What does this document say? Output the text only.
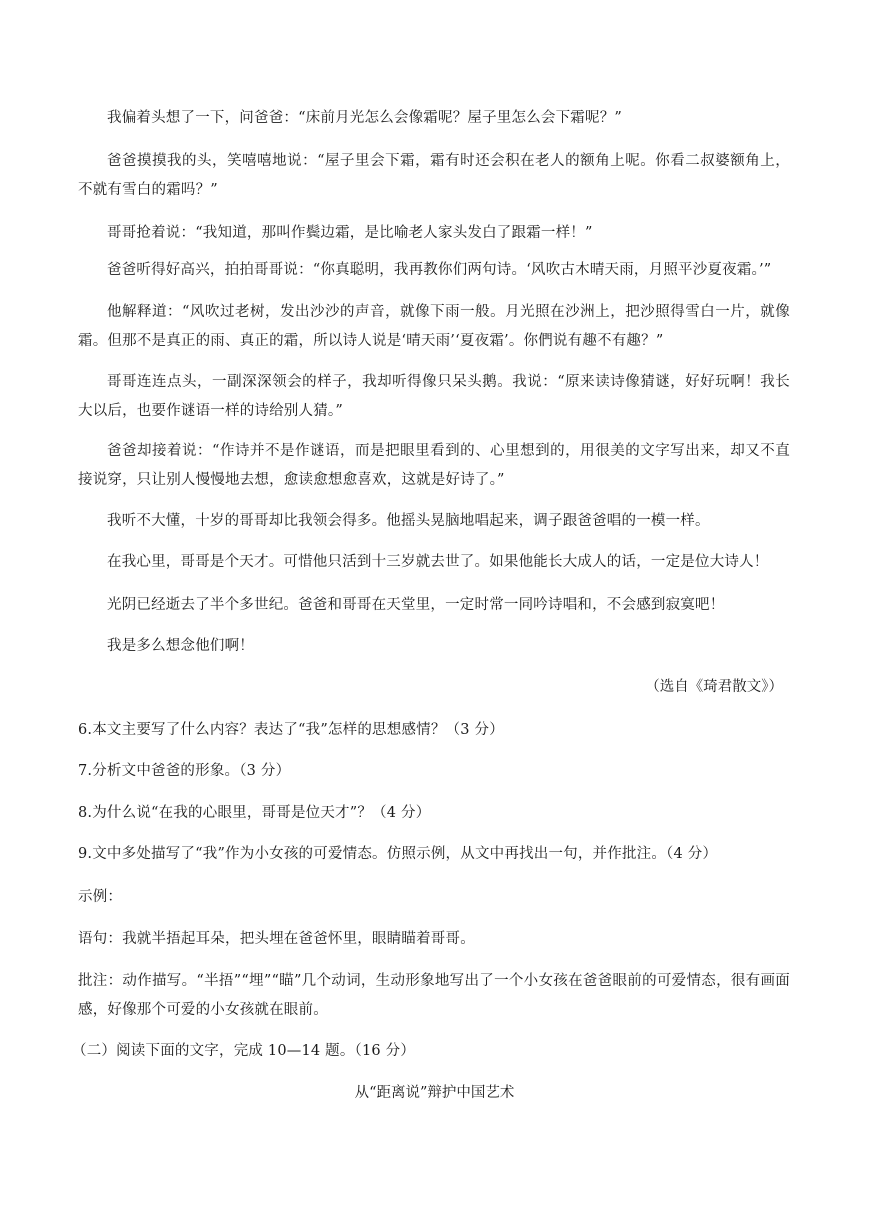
我偏着头想了一下，问爸爸：“床前月光怎么会像霜呢？屋子里怎么会下霜呢？”

爸爸摸摸我的头，笑嘻嘻地说：“屋子里会下霜，霜有时还会积在老人的额角上呢。你看二叔婆额角上，不就有雪白的霜吗？”

哥哥抢着说：“我知道，那叫作鬓边霜，是比喻老人家头发白了跟霜一样！”

爸爸听得好高兴，拍拍哥哥说：“你真聪明，我再教你们两句诗。‘风吹古木晴天雨，月照平沙夏夜霜。’”

他解释道：“风吹过老树，发出沙沙的声音，就像下雨一般。月光照在沙洲上，把沙照得雪白一片，就像霜。但那不是真正的雨、真正的霜，所以诗人说是‘晴天雨’‘夏夜霜’。你們说有趣不有趣？”

哥哥连连点头，一副深深领会的样子，我却听得像只呆头鹅。我说：“原来读诗像猜谜，好好玩啊！我长大以后，也要作谜语一样的诗给别人猜。”

爸爸却接着说：“作诗并不是作谜语，而是把眼里看到的、心里想到的，用很美的文字写出来，却又不直接说穿，只让别人慢慢地去想，愈读愈想愈喜欢，这就是好诗了。”

我听不大懂，十岁的哥哥却比我领会得多。他摇头晃脑地唱起来，调子跟爸爸唱的一模一样。

在我心里，哥哥是个天才。可惜他只活到十三岁就去世了。如果他能长大成人的话，一定是位大诗人！

光阴已经逝去了半个多世纪。爸爸和哥哥在天堂里，一定时常一同吟诗唱和，不会感到寂寞吧！

我是多么想念他们啊！

（选自《琦君散文》）

6.本文主要写了什么内容？表达了“我”怎样的思想感情？（3 分）

7.分析文中爸爸的形象。（3 分）

8.为什么说“在我的心眼里，哥哥是位天才”？（4 分）

9.文中多处描写了“我”作为小女孩的可爱情态。仿照示例，从文中再找出一句，并作批注。（4 分）

示例：

语句：我就半捂起耳朵，把头埋在爸爸怀里，眼睛瞄着哥哥。

批注：动作描写。“半捂”“埋”“瞄”几个动词，生动形象地写出了一个小女孩在爸爸眼前的可爱情态，很有画面感，好像那个可爱的小女孩就在眼前。

（二）阅读下面的文字，完成 10—14 题。（16 分）

从“距离说”辩护中国艺术
